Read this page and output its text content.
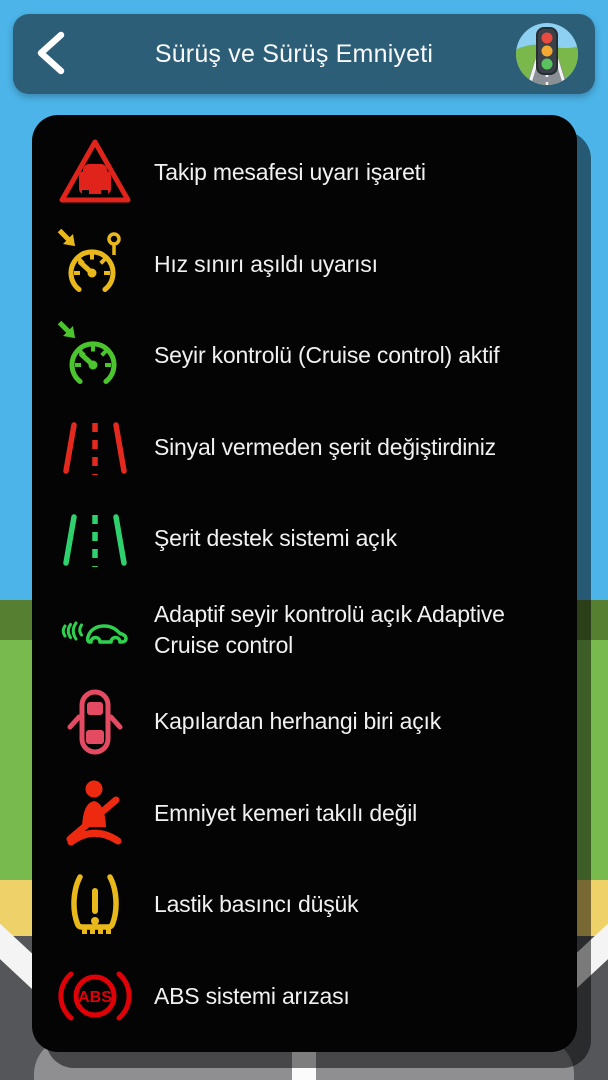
Sürüş ve Sürüş Emniyeti
Takip mesafesi uyarı işareti
Hız sınırı aşıldı uyarısı
Seyir kontrolü (Cruise control) aktif
Sinyal vermeden şerit değiştirdiniz
Şerit destek sistemi açık
Adaptif seyir kontrolü açık Adaptive Cruise control
Kapılardan herhangi biri açık
Emniyet kemeri takılı değil
Lastik basıncı düşük
ABS ABS sistemi arızası
